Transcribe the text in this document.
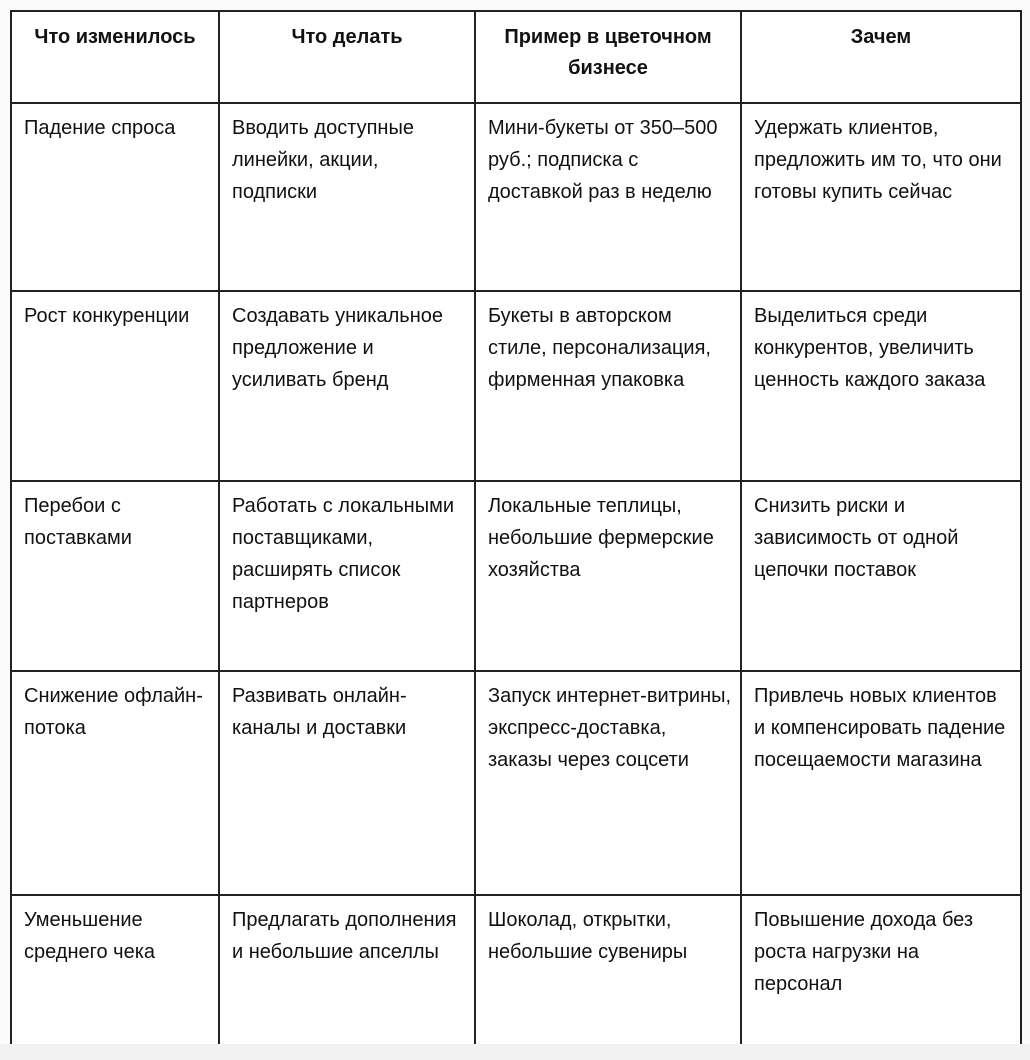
Что изменилось	Что делать	Пример в цветочном бизнесе	Зачем

Падение спроса	Вводить доступные линейки, акции, подписки	Мини-букеты от 350–500 руб.; подписка с доставкой раз в неделю	Удержать клиентов, предложить им то, что они готовы купить сейчас

Рост конкуренции	Создавать уникальное предложение и усиливать бренд	Букеты в авторском стиле, персонализация, фирменная упаковка	Выделиться среди конкурентов, увеличить ценность каждого заказа

Перебои с поставками	Работать с локальными поставщиками, расширять список партнеров	Локальные теплицы, небольшие фермерские хозяйства	Снизить риски и зависимость от одной цепочки поставок

Снижение офлайн-потока	Развивать онлайн-каналы и доставки	Запуск интернет-витрины, экспресс-доставка, заказы через соцсети	Привлечь новых клиентов и компенсировать падение посещаемости магазина

Уменьшение среднего чека	Предлагать дополнения и небольшие апселлы	Шоколад, открытки, небольшие сувениры	Повышение дохода без роста нагрузки на персонал
